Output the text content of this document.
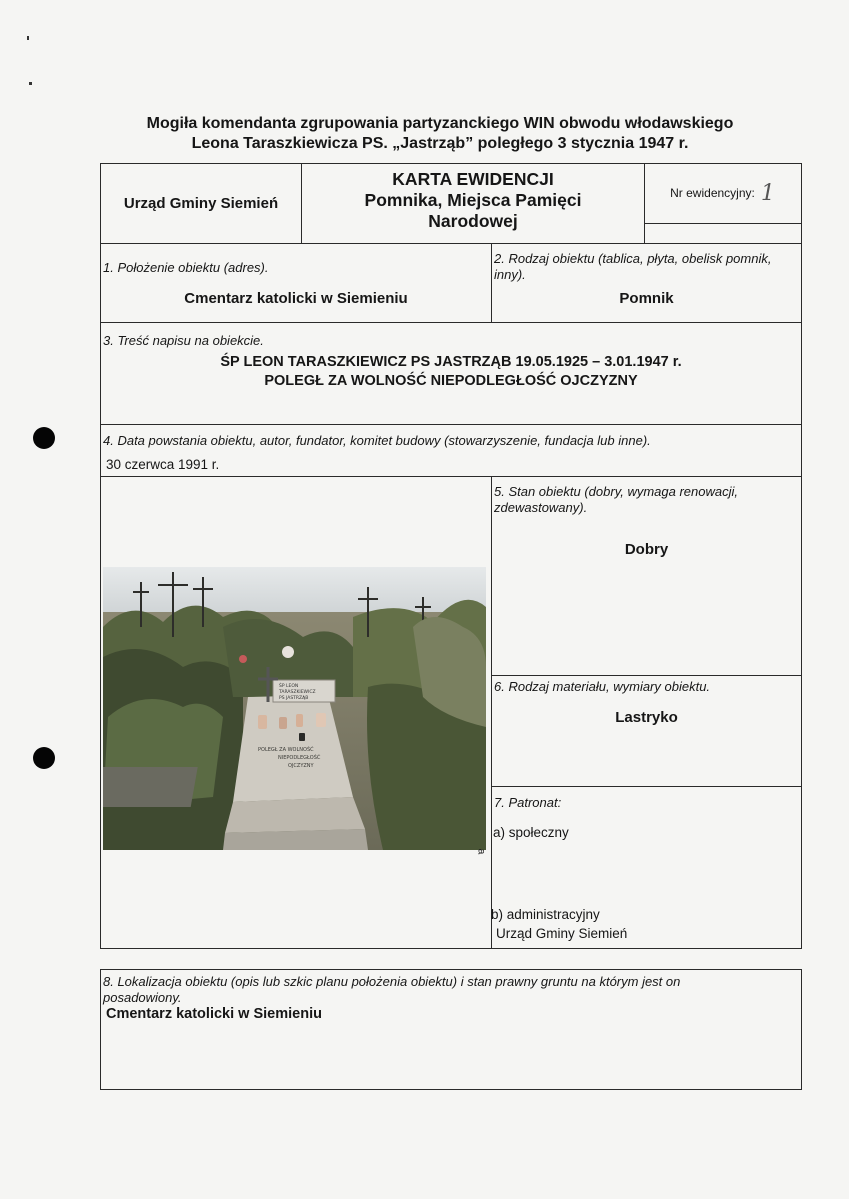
Mogiła komendanta zgrupowania partyzanckiego WIN obwodu włodawskiego
Leona Taraszkiewicza PS. „Jastrząb” poległego 3 stycznia 1947 r.
Urząd Gminy Siemień
KARTA EWIDENCJI
Pomnika, Miejsca Pamięci
Narodowej
Nr ewidencyjny: 1
1. Położenie obiektu (adres).
Cmentarz katolicki w Siemieniu
2. Rodzaj obiektu (tablica, płyta, obelisk pomnik,
inny).
Pomnik
3. Treść napisu na obiekcie.
ŚP LEON TARASZKIEWICZ PS JASTRZĄB 19.05.1925 – 3.01.1947 r.
POLEGŁ ZA WOLNOŚĆ NIEPODLEGŁOŚĆ OJCZYZNY
4. Data powstania obiektu, autor, fundator, komitet budowy (stowarzyszenie, fundacja lub inne).
30 czerwca 1991 r.
5. Stan obiektu (dobry, wymaga renowacji,
zdewastowany).
Dobry
6. Rodzaj materiału, wymiary obiektu.
Lastryko
7. Patronat:
a) społeczny
b) administracyjny
Urząd Gminy Siemień
ŚP LEON
TARASZKIEWICZ
PS JASTRZĄB
POLEGŁ ZA WOLNOŚĆ
NIEPODLEGŁOŚĆ
OJCZYZNY
a
8. Lokalizacja obiektu (opis lub szkic planu położenia obiektu) i stan prawny gruntu na którym jest on
posadowiony.
Cmentarz katolicki w Siemieniu
